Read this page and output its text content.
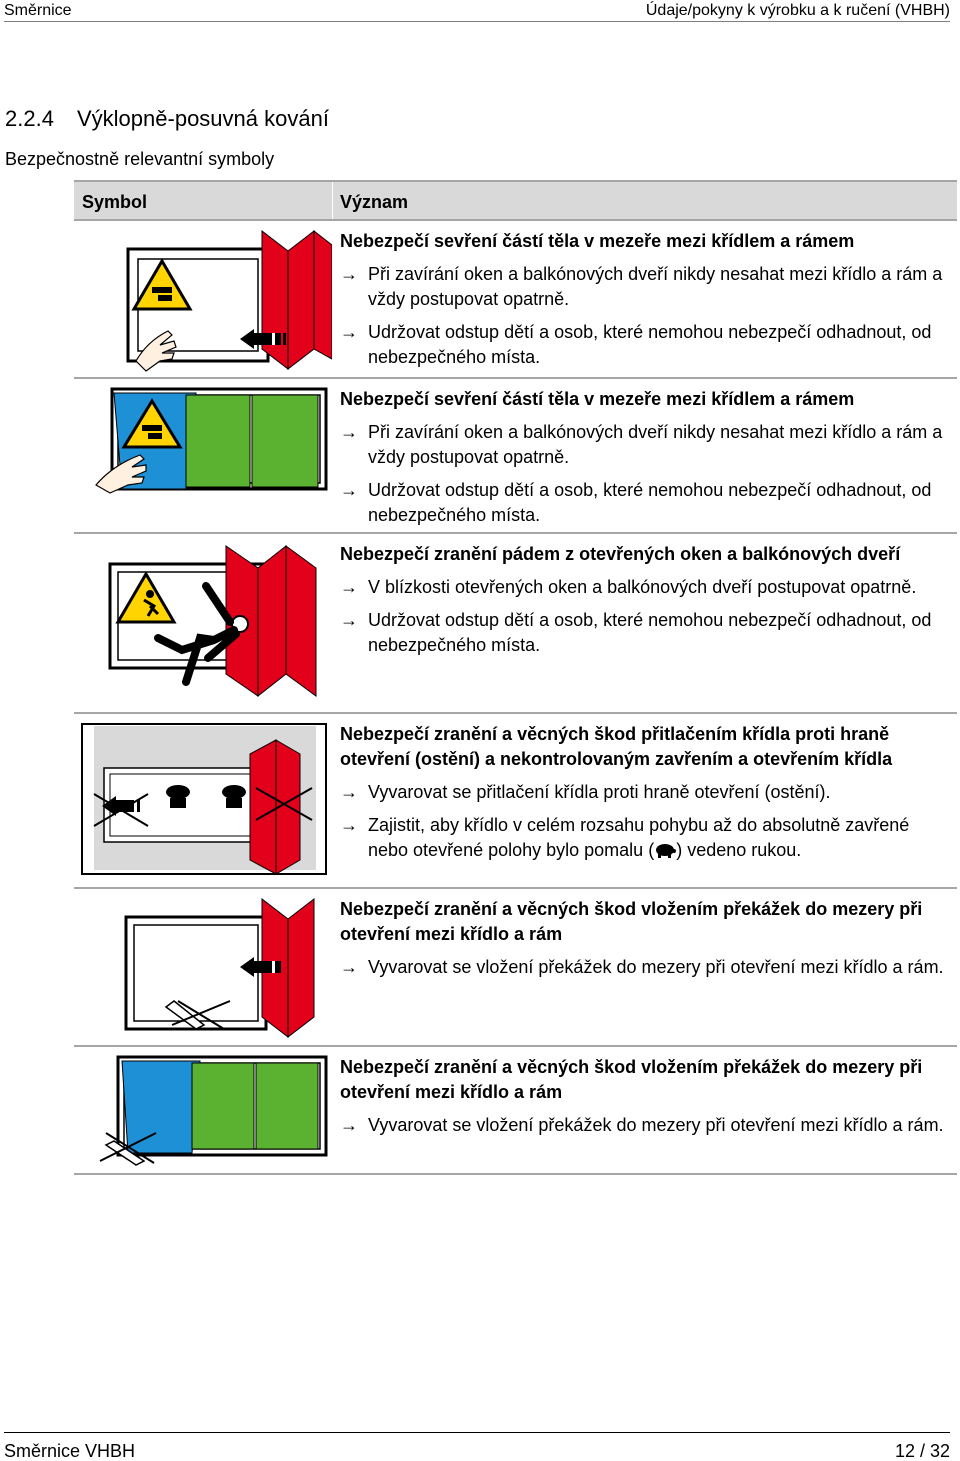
Směrnice	Údaje/pokyny k výrobku a k ručení (VHBH)
2.2.4 Výklopně-posuvná kování
Bezpečnostně relevantní symboly
Symbol	Význam
Nebezpečí sevření částí těla v mezeře mezi křídlem a rámem
→ Při zavírání oken a balkónových dveří nikdy nesahat mezi křídlo a rám a vždy postupovat opatrně.
→ Udržovat odstup dětí a osob, které nemohou nebezpečí odhadnout, od nebezpečného místa.
Nebezpečí sevření částí těla v mezeře mezi křídlem a rámem
→ Při zavírání oken a balkónových dveří nikdy nesahat mezi křídlo a rám a vždy postupovat opatrně.
→ Udržovat odstup dětí a osob, které nemohou nebezpečí odhadnout, od nebezpečného místa.
Nebezpečí zranění pádem z otevřených oken a balkónových dveří
→ V blízkosti otevřených oken a balkónových dveří postupovat opatrně.
→ Udržovat odstup dětí a osob, které nemohou nebezpečí odhadnout, od nebezpečného místa.
Nebezpečí zranění a věcných škod přitlačením křídla proti hraně otevření (ostění) a nekontrolovaným zavřením a otevřením křídla
→ Vyvarovat se přitlačení křídla proti hraně otevření (ostění).
→ Zajistit, aby křídlo v celém rozsahu pohybu až do absolutně zavřené nebo otevřené polohy bylo pomalu ( ) vedeno rukou.
Nebezpečí zranění a věcných škod vložením překážek do mezery při otevření mezi křídlo a rám
→ Vyvarovat se vložení překážek do mezery při otevření mezi křídlo a rám.
Nebezpečí zranění a věcných škod vložením překážek do mezery při otevření mezi křídlo a rám
→ Vyvarovat se vložení překážek do mezery při otevření mezi křídlo a rám.
Směrnice VHBH	12 / 32
